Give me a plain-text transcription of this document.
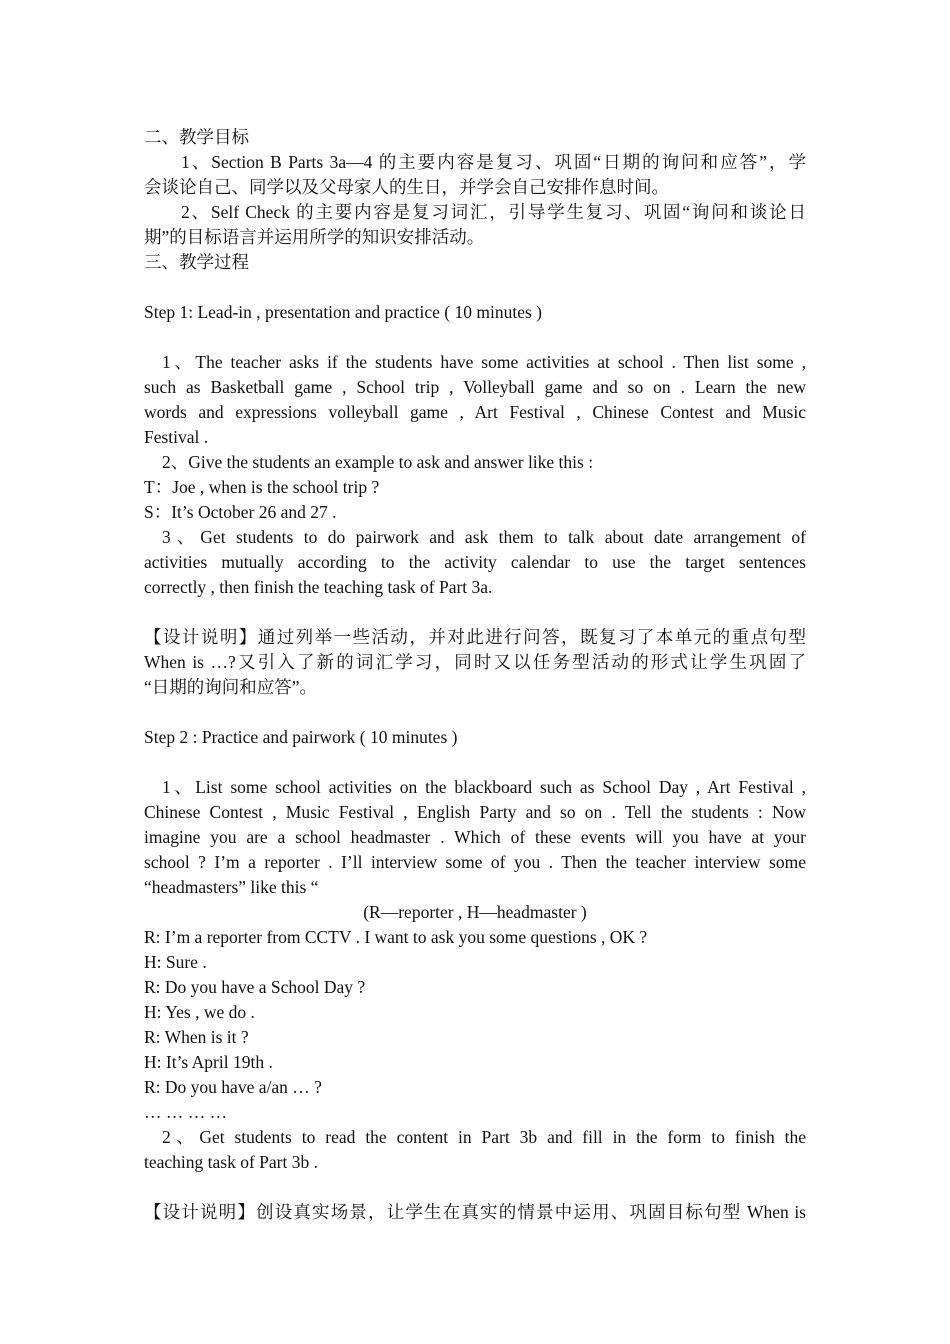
二、教学目标
1、Section B Parts 3a—4 的主要内容是复习、巩固“日期的询问和应答”，学
会谈论自己、同学以及父母家人的生日，并学会自己安排作息时间。
2、Self Check 的主要内容是复习词汇，引导学生复习、巩固“询问和谈论日
期”的目标语言并运用所学的知识安排活动。
三、教学过程
Step 1: Lead-in , presentation and practice ( 10 minutes )
1、The teacher asks if the students have some activities at school . Then list some ,
such as Basketball game , School trip , Volleyball game and so on . Learn the new
words and expressions volleyball game , Art Festival , Chinese Contest and Music
Festival .
2、Give the students an example to ask and answer like this :
T：Joe , when is the school trip ?
S：It’s October 26 and 27 .
3、Get students to do pairwork and ask them to talk about date arrangement of
activities mutually according to the activity calendar to use the target sentences
correctly , then finish the teaching task of Part 3a.
【设计说明】通过列举一些活动，并对此进行问答，既复习了本单元的重点句型
When is …?又引入了新的词汇学习，同时又以任务型活动的形式让学生巩固了
“日期的询问和应答”。
Step 2 : Practice and pairwork ( 10 minutes )
1、List some school activities on the blackboard such as School Day , Art Festival ,
Chinese Contest , Music Festival , English Party and so on . Tell the students : Now
imagine you are a school headmaster . Which of these events will you have at your
school ? I’m a reporter . I’ll interview some of you . Then the teacher interview some
“headmasters” like this “
(R—reporter , H—headmaster )
R: I’m a reporter from CCTV . I want to ask you some questions , OK ?
H: Sure .
R: Do you have a School Day ?
H: Yes , we do .
R: When is it ?
H: It’s April 19th .
R: Do you have a/an … ?
… … … …
2、Get students to read the content in Part 3b and fill in the form to finish the
teaching task of Part 3b .
【设计说明】创设真实场景，让学生在真实的情景中运用、巩固目标句型 When is
